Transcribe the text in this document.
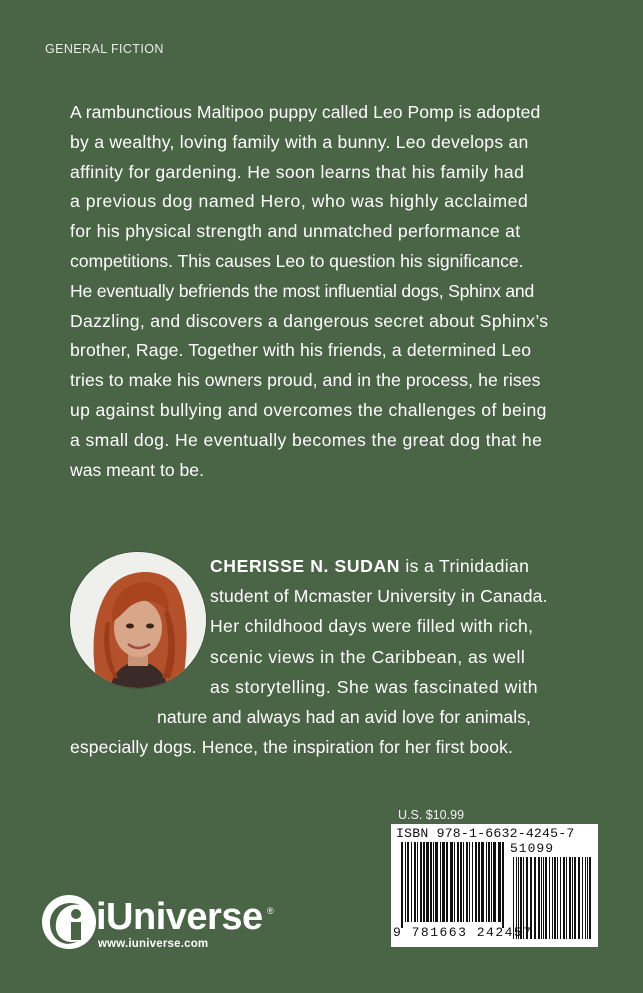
GENERAL FICTION

A rambunctious Maltipoo puppy called Leo Pomp is adopted

by a wealthy, loving family with a bunny. Leo develops an

affinity for gardening. He soon learns that his family had

a previous dog named Hero, who was highly acclaimed

for his physical strength and unmatched performance at

competitions. This causes Leo to question his significance.

He eventually befriends the most influential dogs, Sphinx and

Dazzling, and discovers a dangerous secret about Sphinx’s

brother, Rage. Together with his friends, a determined Leo

tries to make his owners proud, and in the process, he rises

up against bullying and overcomes the challenges of being

a small dog. He eventually becomes the great dog that he

was meant to be.

CHERISSE N. SUDAN is a Trinidadian
student of Mcmaster University in Canada.
Her childhood days were filled with rich,
scenic views in the Caribbean, as well
as storytelling. She was fascinated with
nature and always had an avid love for animals,
especially dogs. Hence, the inspiration for her first book.
U.S. $10.99
ISBN 978-1-6632-4245-7
51099
9 781663 242457
iUniverse ®
www.iuniverse.com
